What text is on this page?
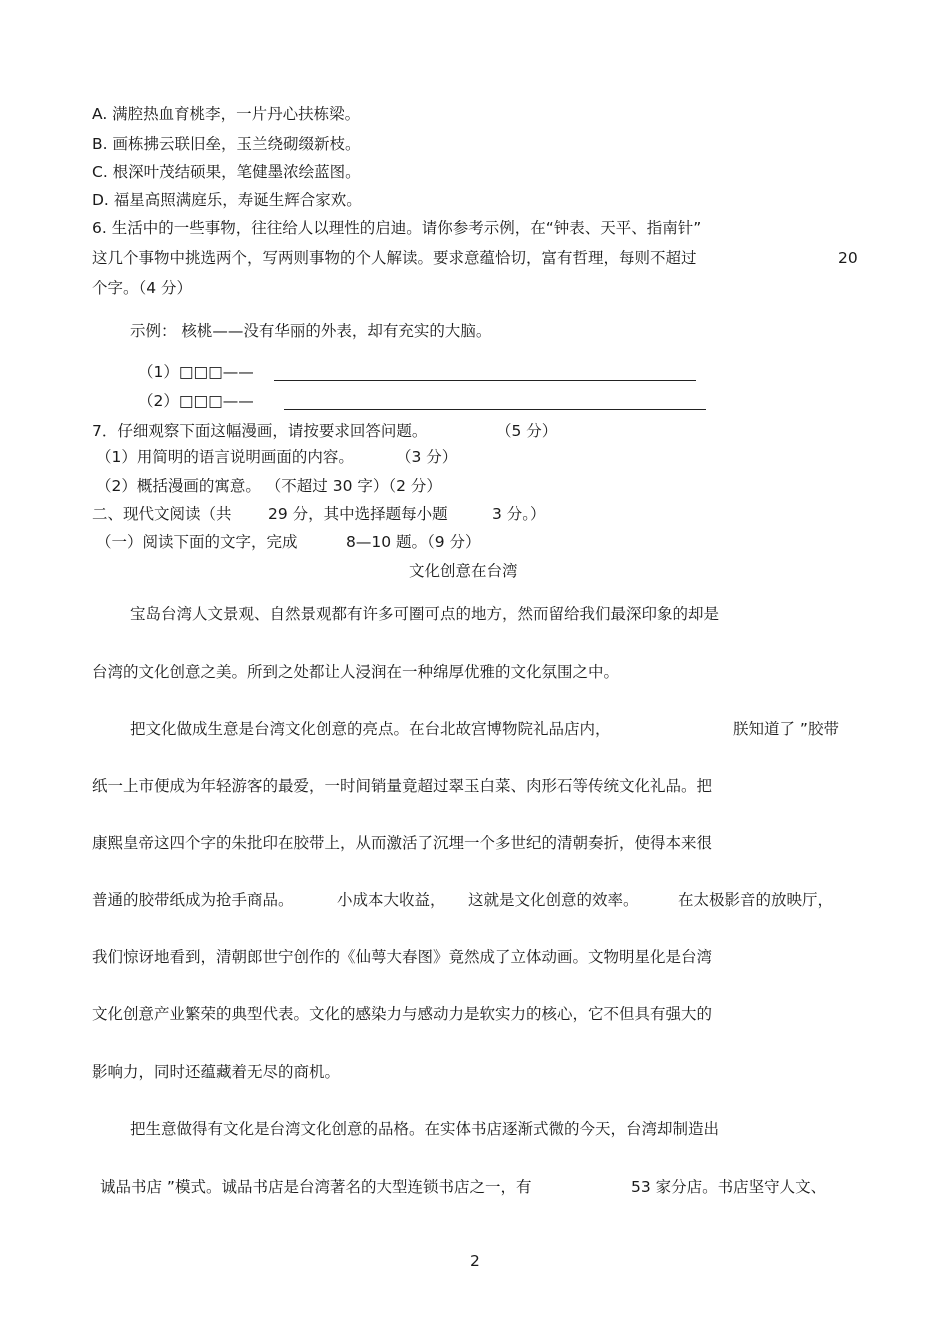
A. 满腔热血育桃李，一片丹心扶栋梁。
B. 画栋拂云联旧垒，玉兰绕砌缀新枝。
C. 根深叶茂结硕果，笔健墨浓绘蓝图。
D. 福星高照满庭乐，寿诞生辉合家欢。
6. 生活中的一些事物，往往给人以理性的启迪。请你参考示例，在“钟表、天平、指南针”
这几个事物中挑选两个，写两则事物的个人解读。要求意蕴恰切，富有哲理，每则不超过	20
个字。（4 分）
示例： 核桃——没有华丽的外表，却有充实的大脑。
（1）□□□——
（2）□□□——
7．仔细观察下面这幅漫画，请按要求回答问题。	（5 分）
（1）用简明的语言说明画面的内容。	（3 分）
（2）概括漫画的寓意。 （不超过 30 字）（2 分）
二、现代文阅读（共 29 分，其中选择题每小题	3 分。）
（一）阅读下面的文字，完成	8—10 题。（9 分）
文化创意在台湾
宝岛台湾人文景观、自然景观都有许多可圈可点的地方，然而留给我们最深印象的却是
台湾的文化创意之美。所到之处都让人浸润在一种绵厚优雅的文化氛围之中。
把文化做成生意是台湾文化创意的亮点。在台北故宫博物院礼品店内，	朕知道了 ”胶带
纸一上市便成为年轻游客的最爱，一时间销量竟超过翠玉白菜、肉形石等传统文化礼品。把
康熙皇帝这四个字的朱批印在胶带上，从而激活了沉埋一个多世纪的清朝奏折，使得本来很
普通的胶带纸成为抢手商品。	小成本大收益， 这就是文化创意的效率。	在太极影音的放映厅，
我们惊讶地看到，清朝郎世宁创作的《仙萼大春图》竟然成了立体动画。文物明星化是台湾
文化创意产业繁荣的典型代表。文化的感染力与感动力是软实力的核心，它不但具有强大的
影响力，同时还蕴藏着无尽的商机。
把生意做得有文化是台湾文化创意的品格。在实体书店逐渐式微的今天，台湾却制造出
诚品书店 ”模式。诚品书店是台湾著名的大型连锁书店之一，有	53 家分店。书店坚守人文、
2
